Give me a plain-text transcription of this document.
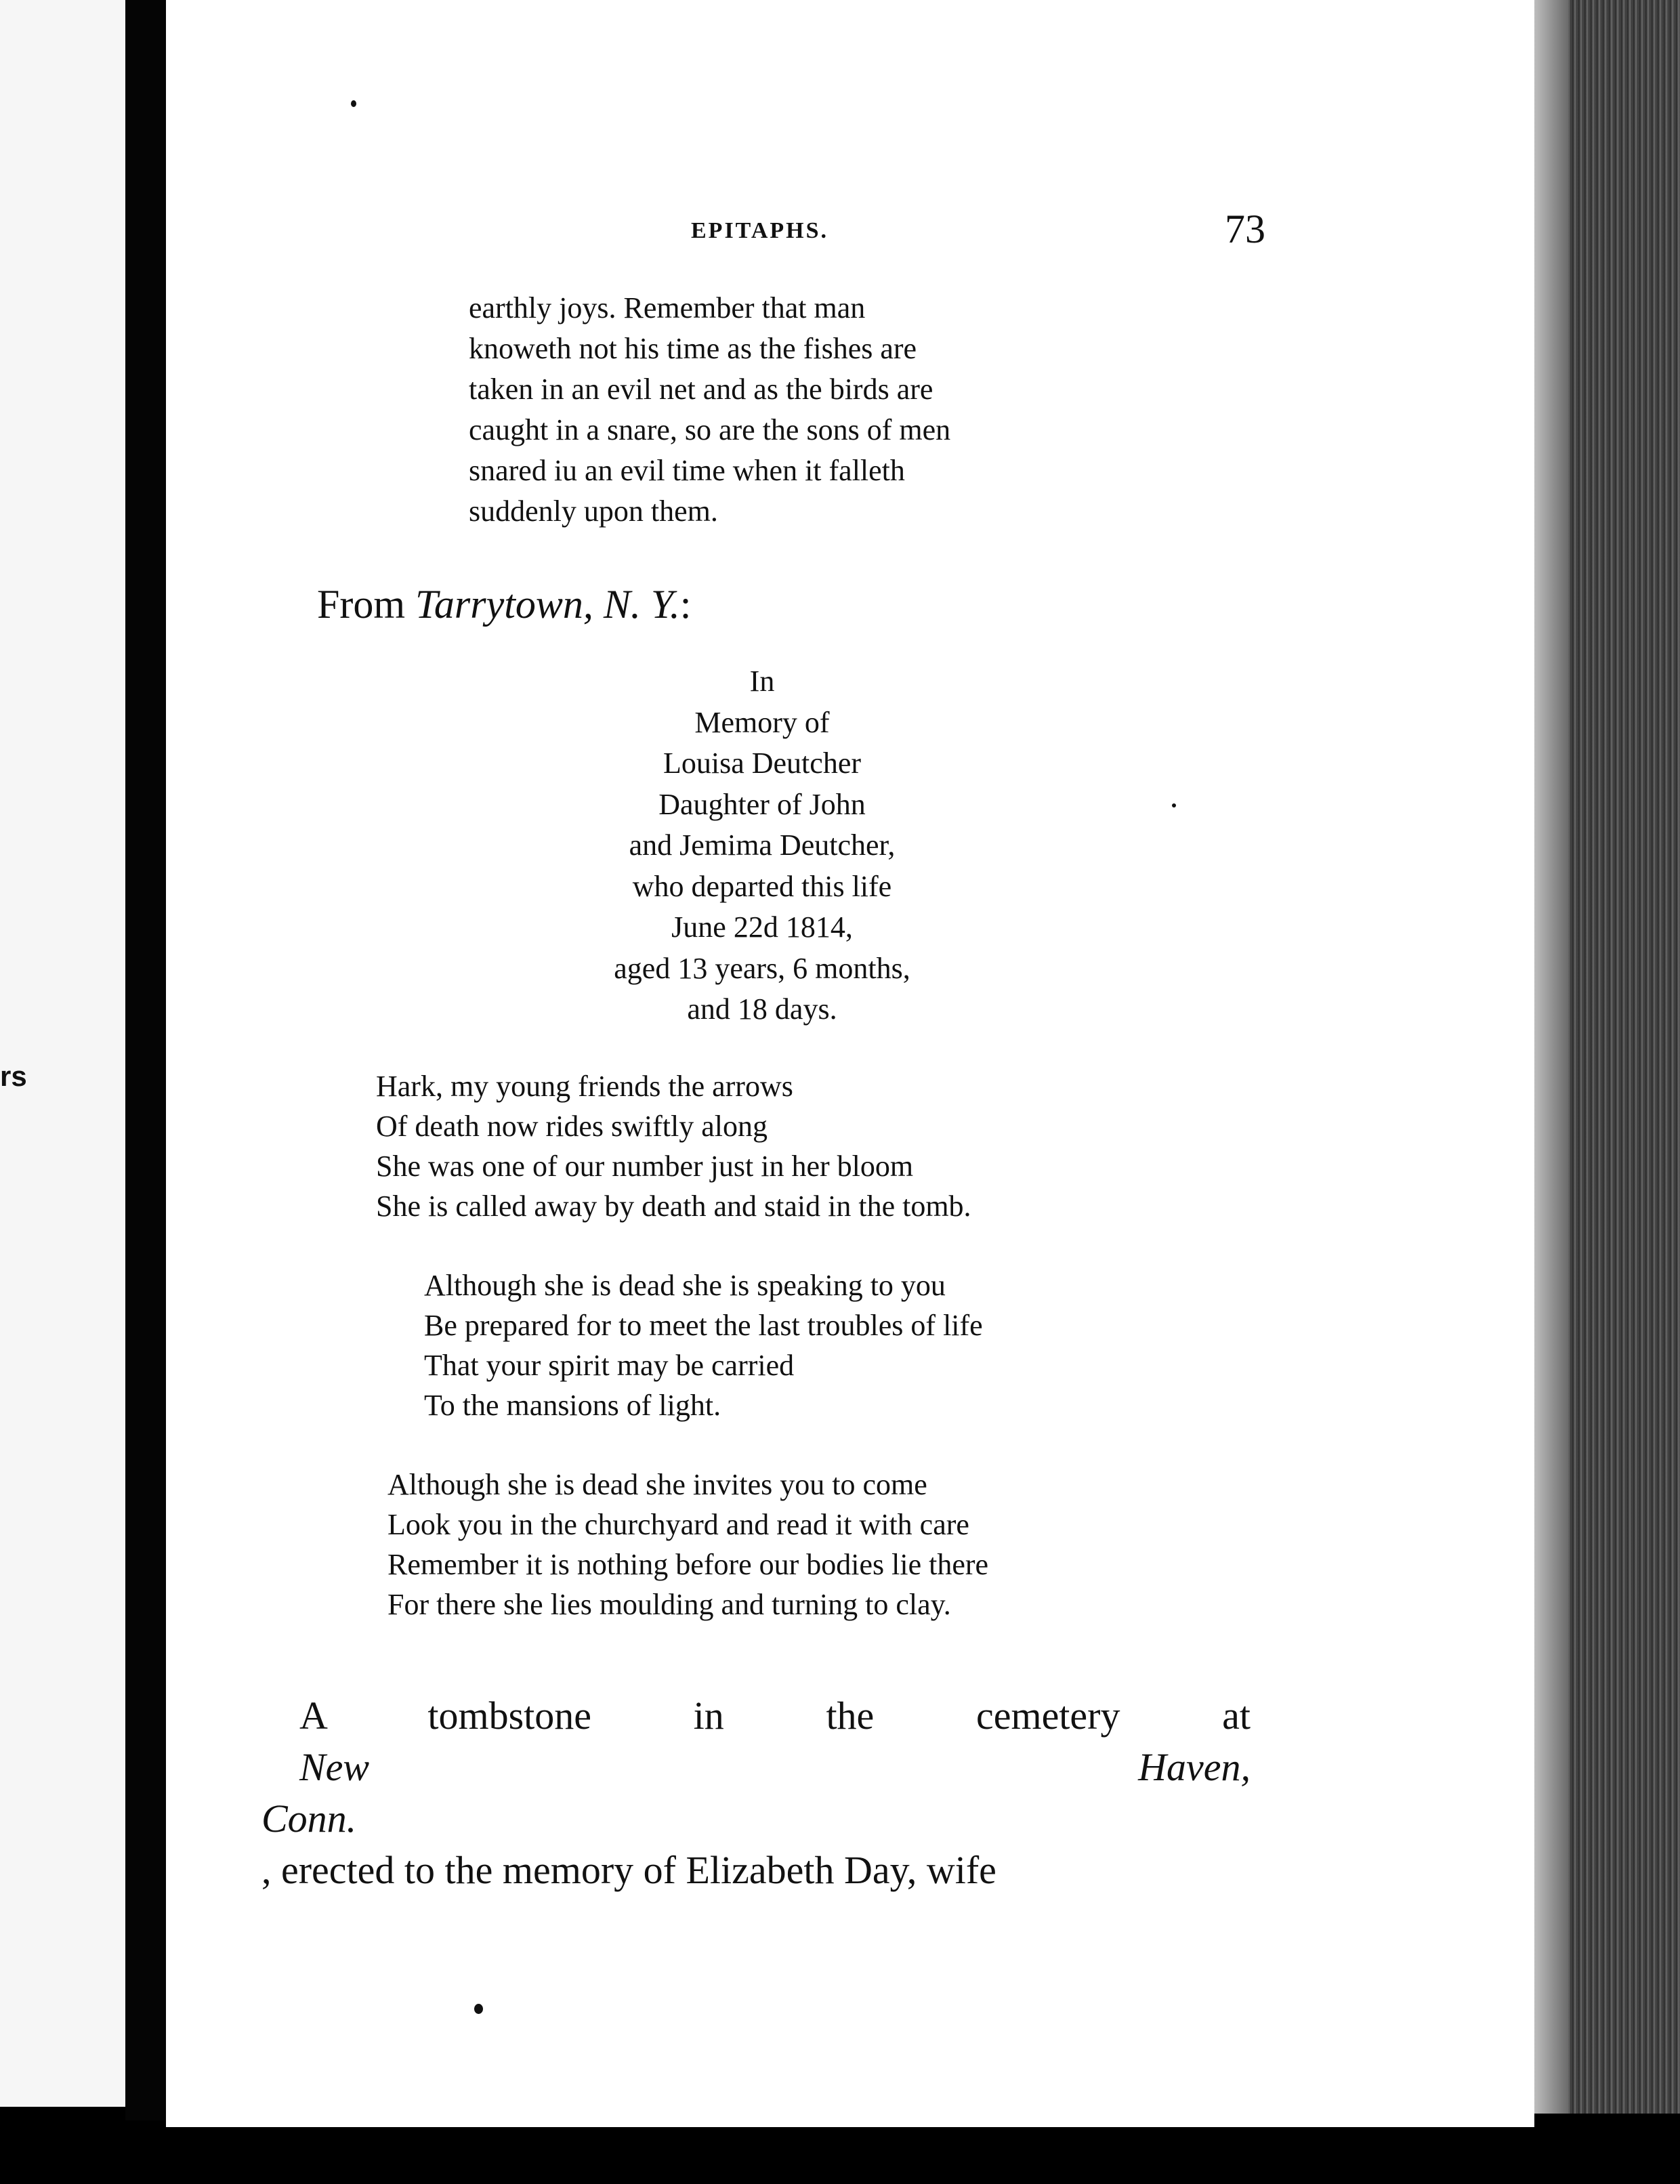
rs
EPITAPHS.	73
earthly joys. Remember that man
knoweth not his time as the fishes are
taken in an evil net and as the birds are
caught in a snare, so are the sons of men
snared iu an evil time when it falleth
suddenly upon them.
From Tarrytown, N. Y.:
In
Memory of
Louisa Deutcher
Daughter of John
and Jemima Deutcher,
who departed this life
June 22d 1814,
aged 13 years, 6 months,
and 18 days.
Hark, my young friends the arrows
Of death now rides swiftly along
She was one of our number just in her bloom
She is called away by death and staid in the tomb.
Although she is dead she is speaking to you
Be prepared for to meet the last troubles of life
That your spirit may be carried
To the mansions of light.
Although she is dead she invites you to come
Look you in the churchyard and read it with care
Remember it is nothing before our bodies lie there
For there she lies moulding and turning to clay.
A tombstone in the cemetery at
New Haven,
Conn.
, erected to the memory of Elizabeth Day, wife
